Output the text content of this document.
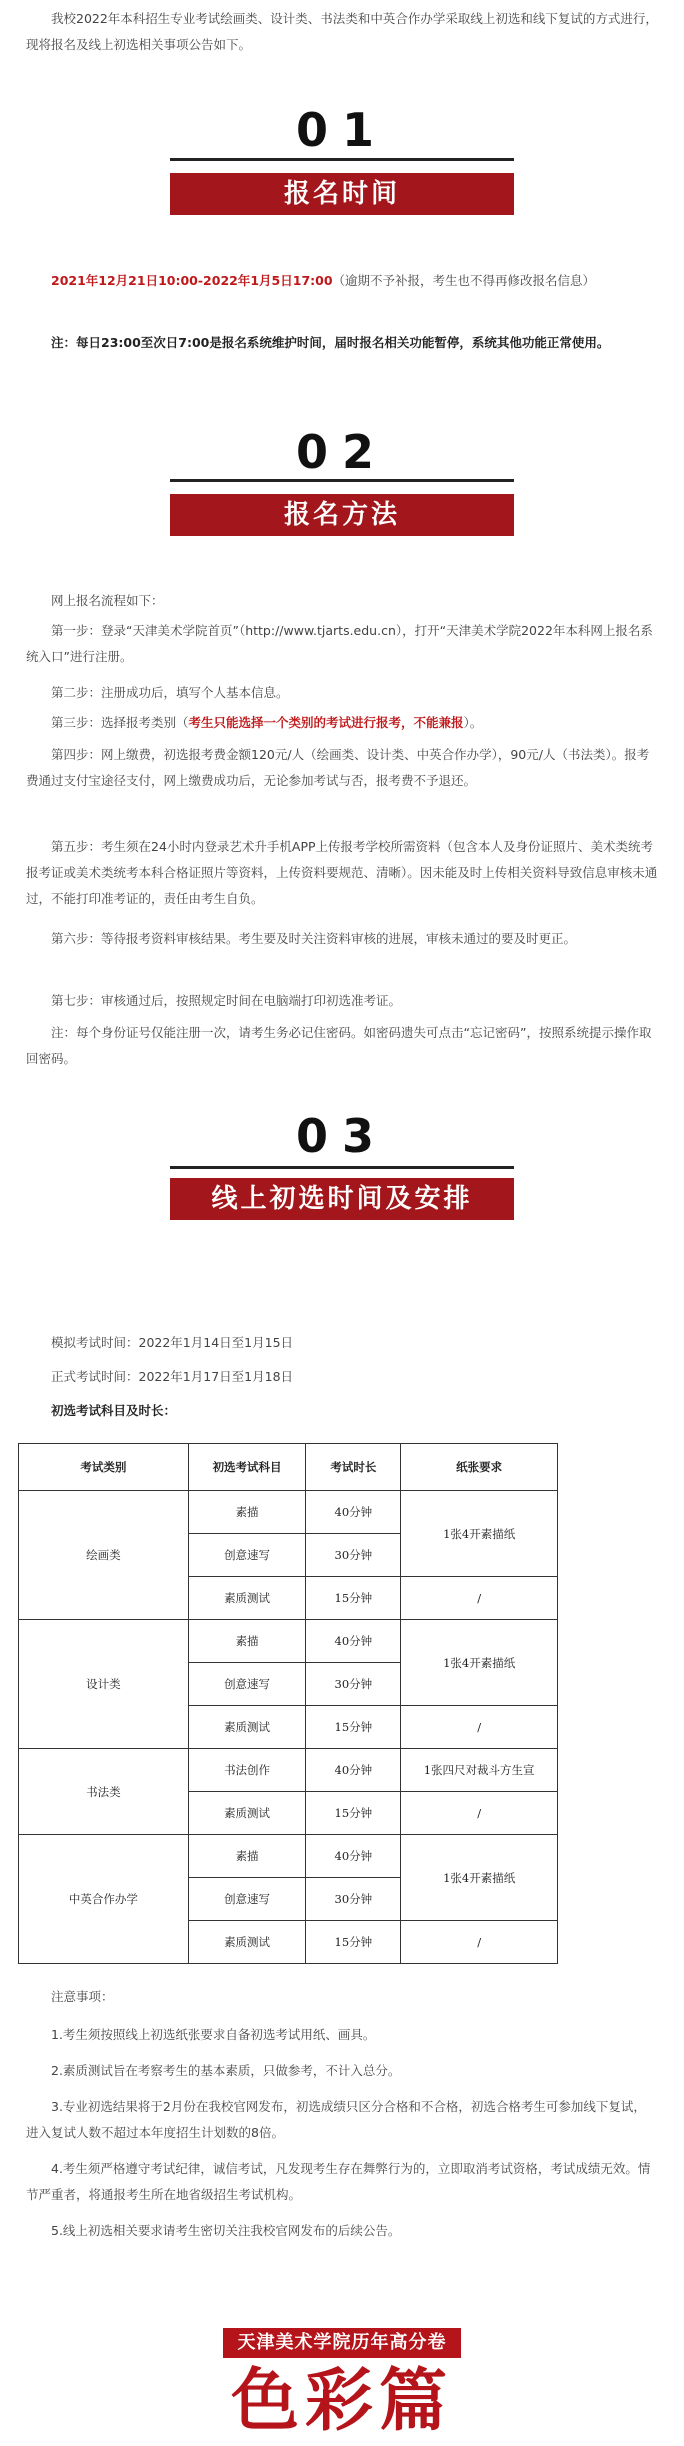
我校2022年本科招生专业考试绘画类、设计类、书法类和中英合作办学采取线上初选和线下复试的方式进行，现将报名及线上初选相关事项公告如下。

01
报名时间

2021年12月21日10:00-2022年1月5日17:00（逾期不予补报，考生也不得再修改报名信息）

注：每日23:00至次日7:00是报名系统维护时间，届时报名相关功能暂停，系统其他功能正常使用。

02
报名方法

网上报名流程如下：

第一步：登录“天津美术学院首页”（http://www.tjarts.edu.cn），打开“天津美术学院2022年本科网上报名系统入口”进行注册。

第二步：注册成功后，填写个人基本信息。

第三步：选择报考类别（考生只能选择一个类别的考试进行报考，不能兼报）。

第四步：网上缴费，初选报考费金额120元/人（绘画类、设计类、中英合作办学），90元/人（书法类）。报考费通过支付宝途径支付，网上缴费成功后，无论参加考试与否，报考费不予退还。

第五步：考生须在24小时内登录艺术升手机APP上传报考学校所需资料（包含本人及身份证照片、美术类统考报考证或美术类统考本科合格证照片等资料，上传资料要规范、清晰）。因未能及时上传相关资料导致信息审核未通过，不能打印准考证的，责任由考生自负。

第六步：等待报考资料审核结果。考生要及时关注资料审核的进展，审核未通过的要及时更正。

第七步：审核通过后，按照规定时间在电脑端打印初选准考证。

注：每个身份证号仅能注册一次，请考生务必记住密码。如密码遗失可点击“忘记密码”，按照系统提示操作取回密码。

03
线上初选时间及安排

模拟考试时间：2022年1月14日至1月15日

正式考试时间：2022年1月17日至1月18日

初选考试科目及时长：

考试类别	初选考试科目	考试时长	纸张要求
绘画类	素描	40分钟	1张4开素描纸
	创意速写	30分钟	
	素质测试	15分钟	/
设计类	素描	40分钟	1张4开素描纸
	创意速写	30分钟	
	素质测试	15分钟	/
书法类	书法创作	40分钟	1张四尺对裁斗方生宣
	素质测试	15分钟	/
中英合作办学	素描	40分钟	1张4开素描纸
	创意速写	30分钟	
	素质测试	15分钟	/

注意事项：

1.考生须按照线上初选纸张要求自备初选考试用纸、画具。

2.素质测试旨在考察考生的基本素质，只做参考，不计入总分。

3.专业初选结果将于2月份在我校官网发布，初选成绩只区分合格和不合格，初选合格考生可参加线下复试，进入复试人数不超过本年度招生计划数的8倍。

4.考生须严格遵守考试纪律，诚信考试，凡发现考生存在舞弊行为的，立即取消考试资格，考试成绩无效。情节严重者，将通报考生所在地省级招生考试机构。

5.线上初选相关要求请考生密切关注我校官网发布的后续公告。

天津美术学院历年高分卷
色彩篇
